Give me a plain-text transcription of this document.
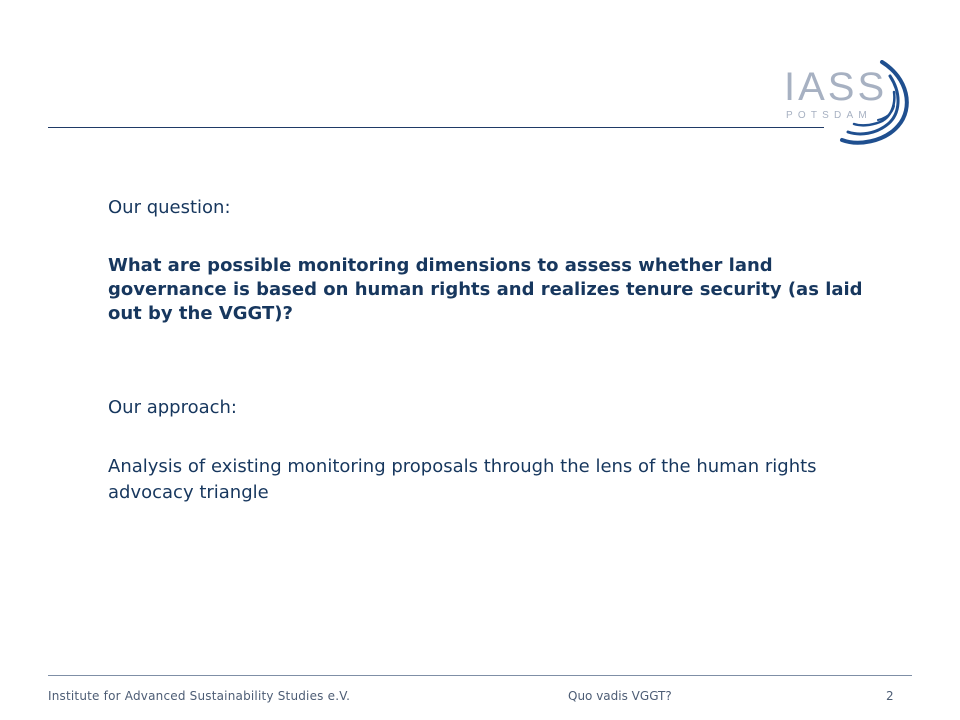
IASS
POTSDAM

Our question:

What are possible monitoring dimensions to assess whether land governance is based on human rights and realizes tenure security (as laid out by the VGGT)?

Our approach:

Analysis of existing monitoring proposals through the lens of the human rights advocacy triangle

Institute for Advanced Sustainability Studies e.V.	Quo vadis VGGT?	2
